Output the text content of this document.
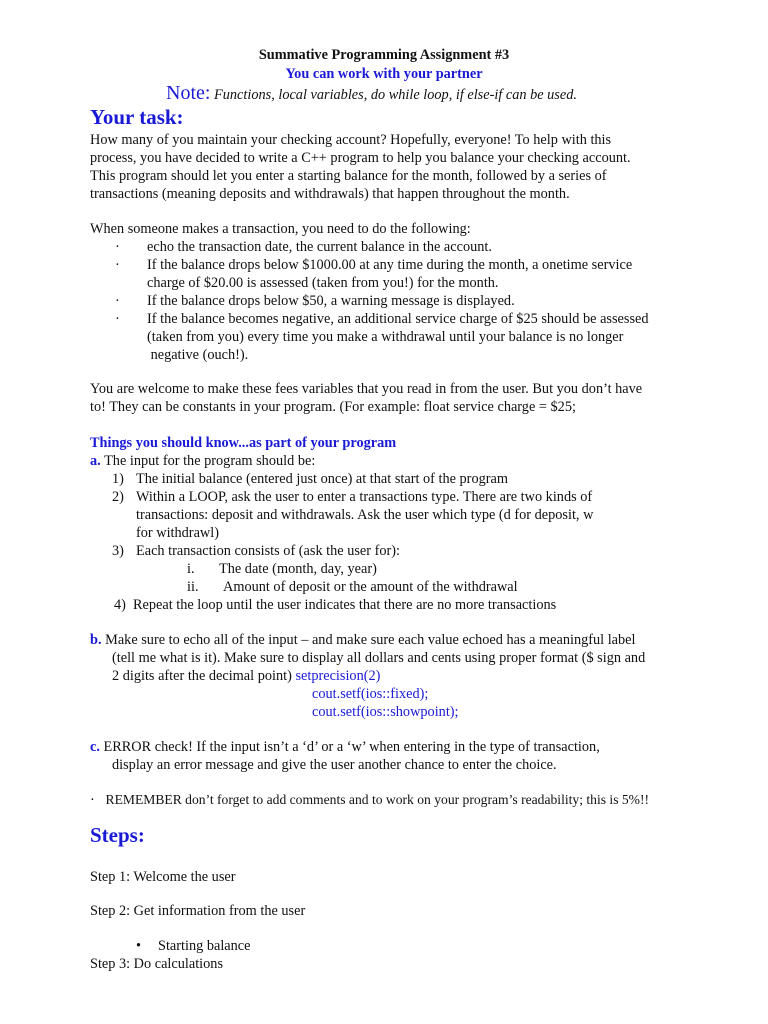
Summative Programming Assignment #3
You can work with your partner
Note: Functions, local variables, do while loop, if else-if can be used.
Your task:
How many of you maintain your checking account? Hopefully, everyone! To help with this
process, you have decided to write a C++ program to help you balance your checking account.
This program should let you enter a starting balance for the month, followed by a series of
transactions (meaning deposits and withdrawals) that happen throughout the month.
When someone makes a transaction, you need to do the following:
· echo the transaction date, the current balance in the account.
· If the balance drops below $1000.00 at any time during the month, a onetime service
charge of $20.00 is assessed (taken from you!) for the month.
· If the balance drops below $50, a warning message is displayed.
· If the balance becomes negative, an additional service charge of $25 should be assessed
(taken from you) every time you make a withdrawal until your balance is no longer
negative (ouch!).
You are welcome to make these fees variables that you read in from the user. But you don’t have
to! They can be constants in your program. (For example: float service charge = $25;
Things you should know...as part of your program
a. The input for the program should be:
1) The initial balance (entered just once) at that start of the program
2) Within a LOOP, ask the user to enter a transactions type. There are two kinds of
transactions: deposit and withdrawals. Ask the user which type (d for deposit, w
for withdrawl)
3) Each transaction consists of (ask the user for):
i. The date (month, day, year)
ii. Amount of deposit or the amount of the withdrawal
4) Repeat the loop until the user indicates that there are no more transactions
b. Make sure to echo all of the input – and make sure each value echoed has a meaningful label
(tell me what is it). Make sure to display all dollars and cents using proper format ($ sign and
2 digits after the decimal point) setprecision(2)
cout.setf(ios::fixed);
cout.setf(ios::showpoint);
c. ERROR check! If the input isn’t a ‘d’ or a ‘w’ when entering in the type of transaction,
display an error message and give the user another chance to enter the choice.
· REMEMBER don’t forget to add comments and to work on your program’s readability; this is 5%!!
Steps:
Step 1: Welcome the user
Step 2: Get information from the user
• Starting balance
Step 3: Do calculations
